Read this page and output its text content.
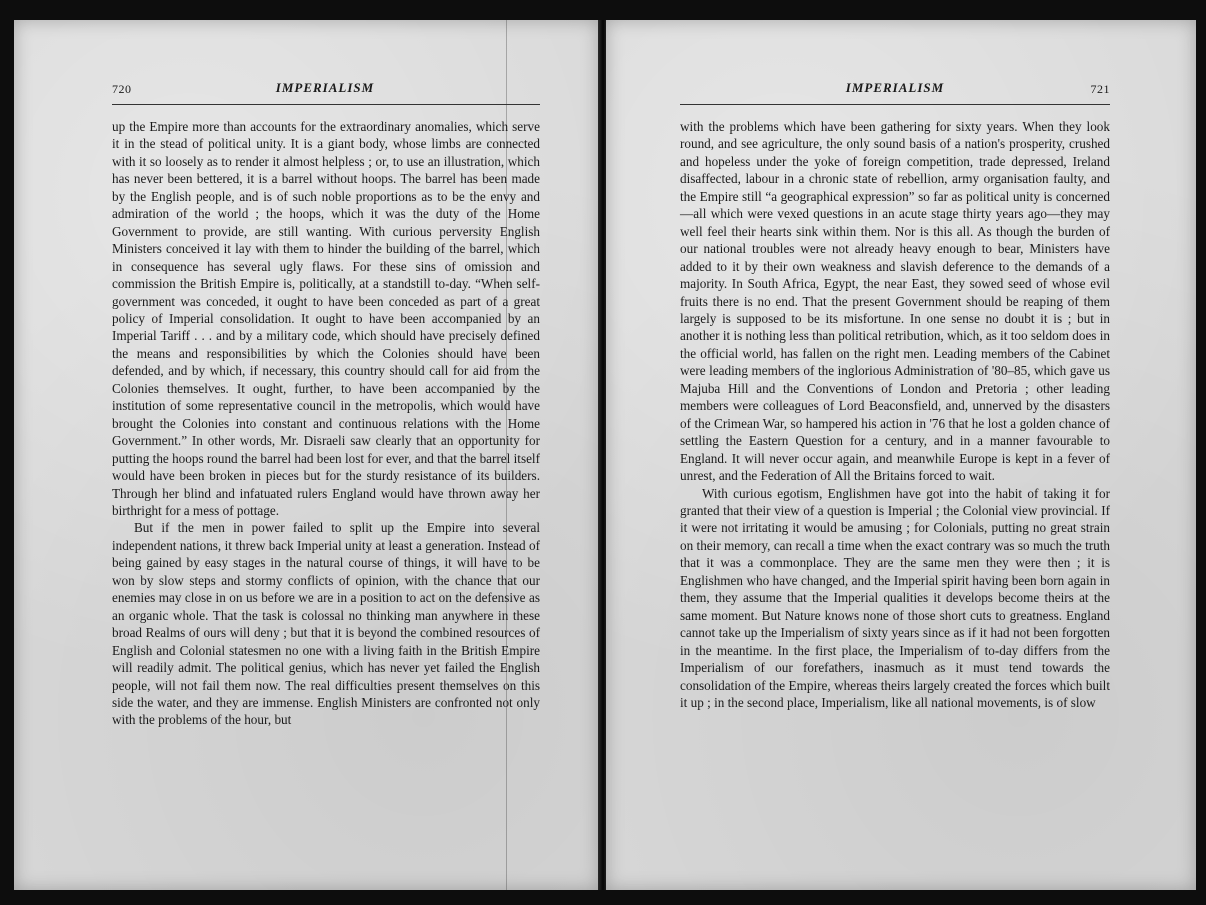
720	IMPERIALISM

up the Empire more than accounts for the extraordinary anomalies, which serve it in the stead of political unity. It is a giant body, whose limbs are connected with it so loosely as to render it almost helpless ; or, to use an illustration, which has never been bettered, it is a barrel without hoops. The barrel has been made by the English people, and is of such noble proportions as to be the envy and admiration of the world ; the hoops, which it was the duty of the Home Government to provide, are still wanting. With curious perversity English Ministers conceived it lay with them to hinder the building of the barrel, which in consequence has several ugly flaws. For these sins of omission and commission the British Empire is, politically, at a standstill to-day. “When self-government was conceded, it ought to have been conceded as part of a great policy of Imperial consolidation. It ought to have been accompanied by an Imperial Tariff . . . and by a military code, which should have precisely defined the means and responsibilities by which the Colonies should have been defended, and by which, if necessary, this country should call for aid from the Colonies themselves. It ought, further, to have been accompanied by the institution of some representative council in the metropolis, which would have brought the Colonies into constant and continuous relations with the Home Government.” In other words, Mr. Disraeli saw clearly that an opportunity for putting the hoops round the barrel had been lost for ever, and that the barrel itself would have been broken in pieces but for the sturdy resistance of its builders. Through her blind and infatuated rulers England would have thrown away her birthright for a mess of pottage.

But if the men in power failed to split up the Empire into several independent nations, it threw back Imperial unity at least a generation. Instead of being gained by easy stages in the natural course of things, it will have to be won by slow steps and stormy conflicts of opinion, with the chance that our enemies may close in on us before we are in a position to act on the defensive as an organic whole. That the task is colossal no thinking man anywhere in these broad Realms of ours will deny ; but that it is beyond the combined resources of English and Colonial statesmen no one with a living faith in the British Empire will readily admit. The political genius, which has never yet failed the English people, will not fail them now. The real difficulties present themselves on this side the water, and they are immense. English Ministers are confronted not only with the problems of the hour, but

IMPERIALISM	721

with the problems which have been gathering for sixty years. When they look round, and see agriculture, the only sound basis of a nation's prosperity, crushed and hopeless under the yoke of foreign competition, trade depressed, Ireland disaffected, labour in a chronic state of rebellion, army organisation faulty, and the Empire still “a geographical expression” so far as political unity is concerned—all which were vexed questions in an acute stage thirty years ago—they may well feel their hearts sink within them. Nor is this all. As though the burden of our national troubles were not already heavy enough to bear, Ministers have added to it by their own weakness and slavish deference to the demands of a majority. In South Africa, Egypt, the near East, they sowed seed of whose evil fruits there is no end. That the present Government should be reaping of them largely is supposed to be its misfortune. In one sense no doubt it is ; but in another it is nothing less than political retribution, which, as it too seldom does in the official world, has fallen on the right men. Leading members of the Cabinet were leading members of the inglorious Administration of '80–85, which gave us Majuba Hill and the Conventions of London and Pretoria ; other leading members were colleagues of Lord Beaconsfield, and, unnerved by the disasters of the Crimean War, so hampered his action in '76 that he lost a golden chance of settling the Eastern Question for a century, and in a manner favourable to England. It will never occur again, and meanwhile Europe is kept in a fever of unrest, and the Federation of All the Britains forced to wait.

With curious egotism, Englishmen have got into the habit of taking it for granted that their view of a question is Imperial ; the Colonial view provincial. If it were not irritating it would be amusing ; for Colonials, putting no great strain on their memory, can recall a time when the exact contrary was so much the truth that it was a commonplace. They are the same men they were then ; it is Englishmen who have changed, and the Imperial spirit having been born again in them, they assume that the Imperial qualities it develops become theirs at the same moment. But Nature knows none of those short cuts to greatness. England cannot take up the Imperialism of sixty years since as if it had not been forgotten in the meantime. In the first place, the Imperialism of to-day differs from the Imperialism of our forefathers, inasmuch as it must tend towards the consolidation of the Empire, whereas theirs largely created the forces which built it up ; in the second place, Imperialism, like all national movements, is of slow
